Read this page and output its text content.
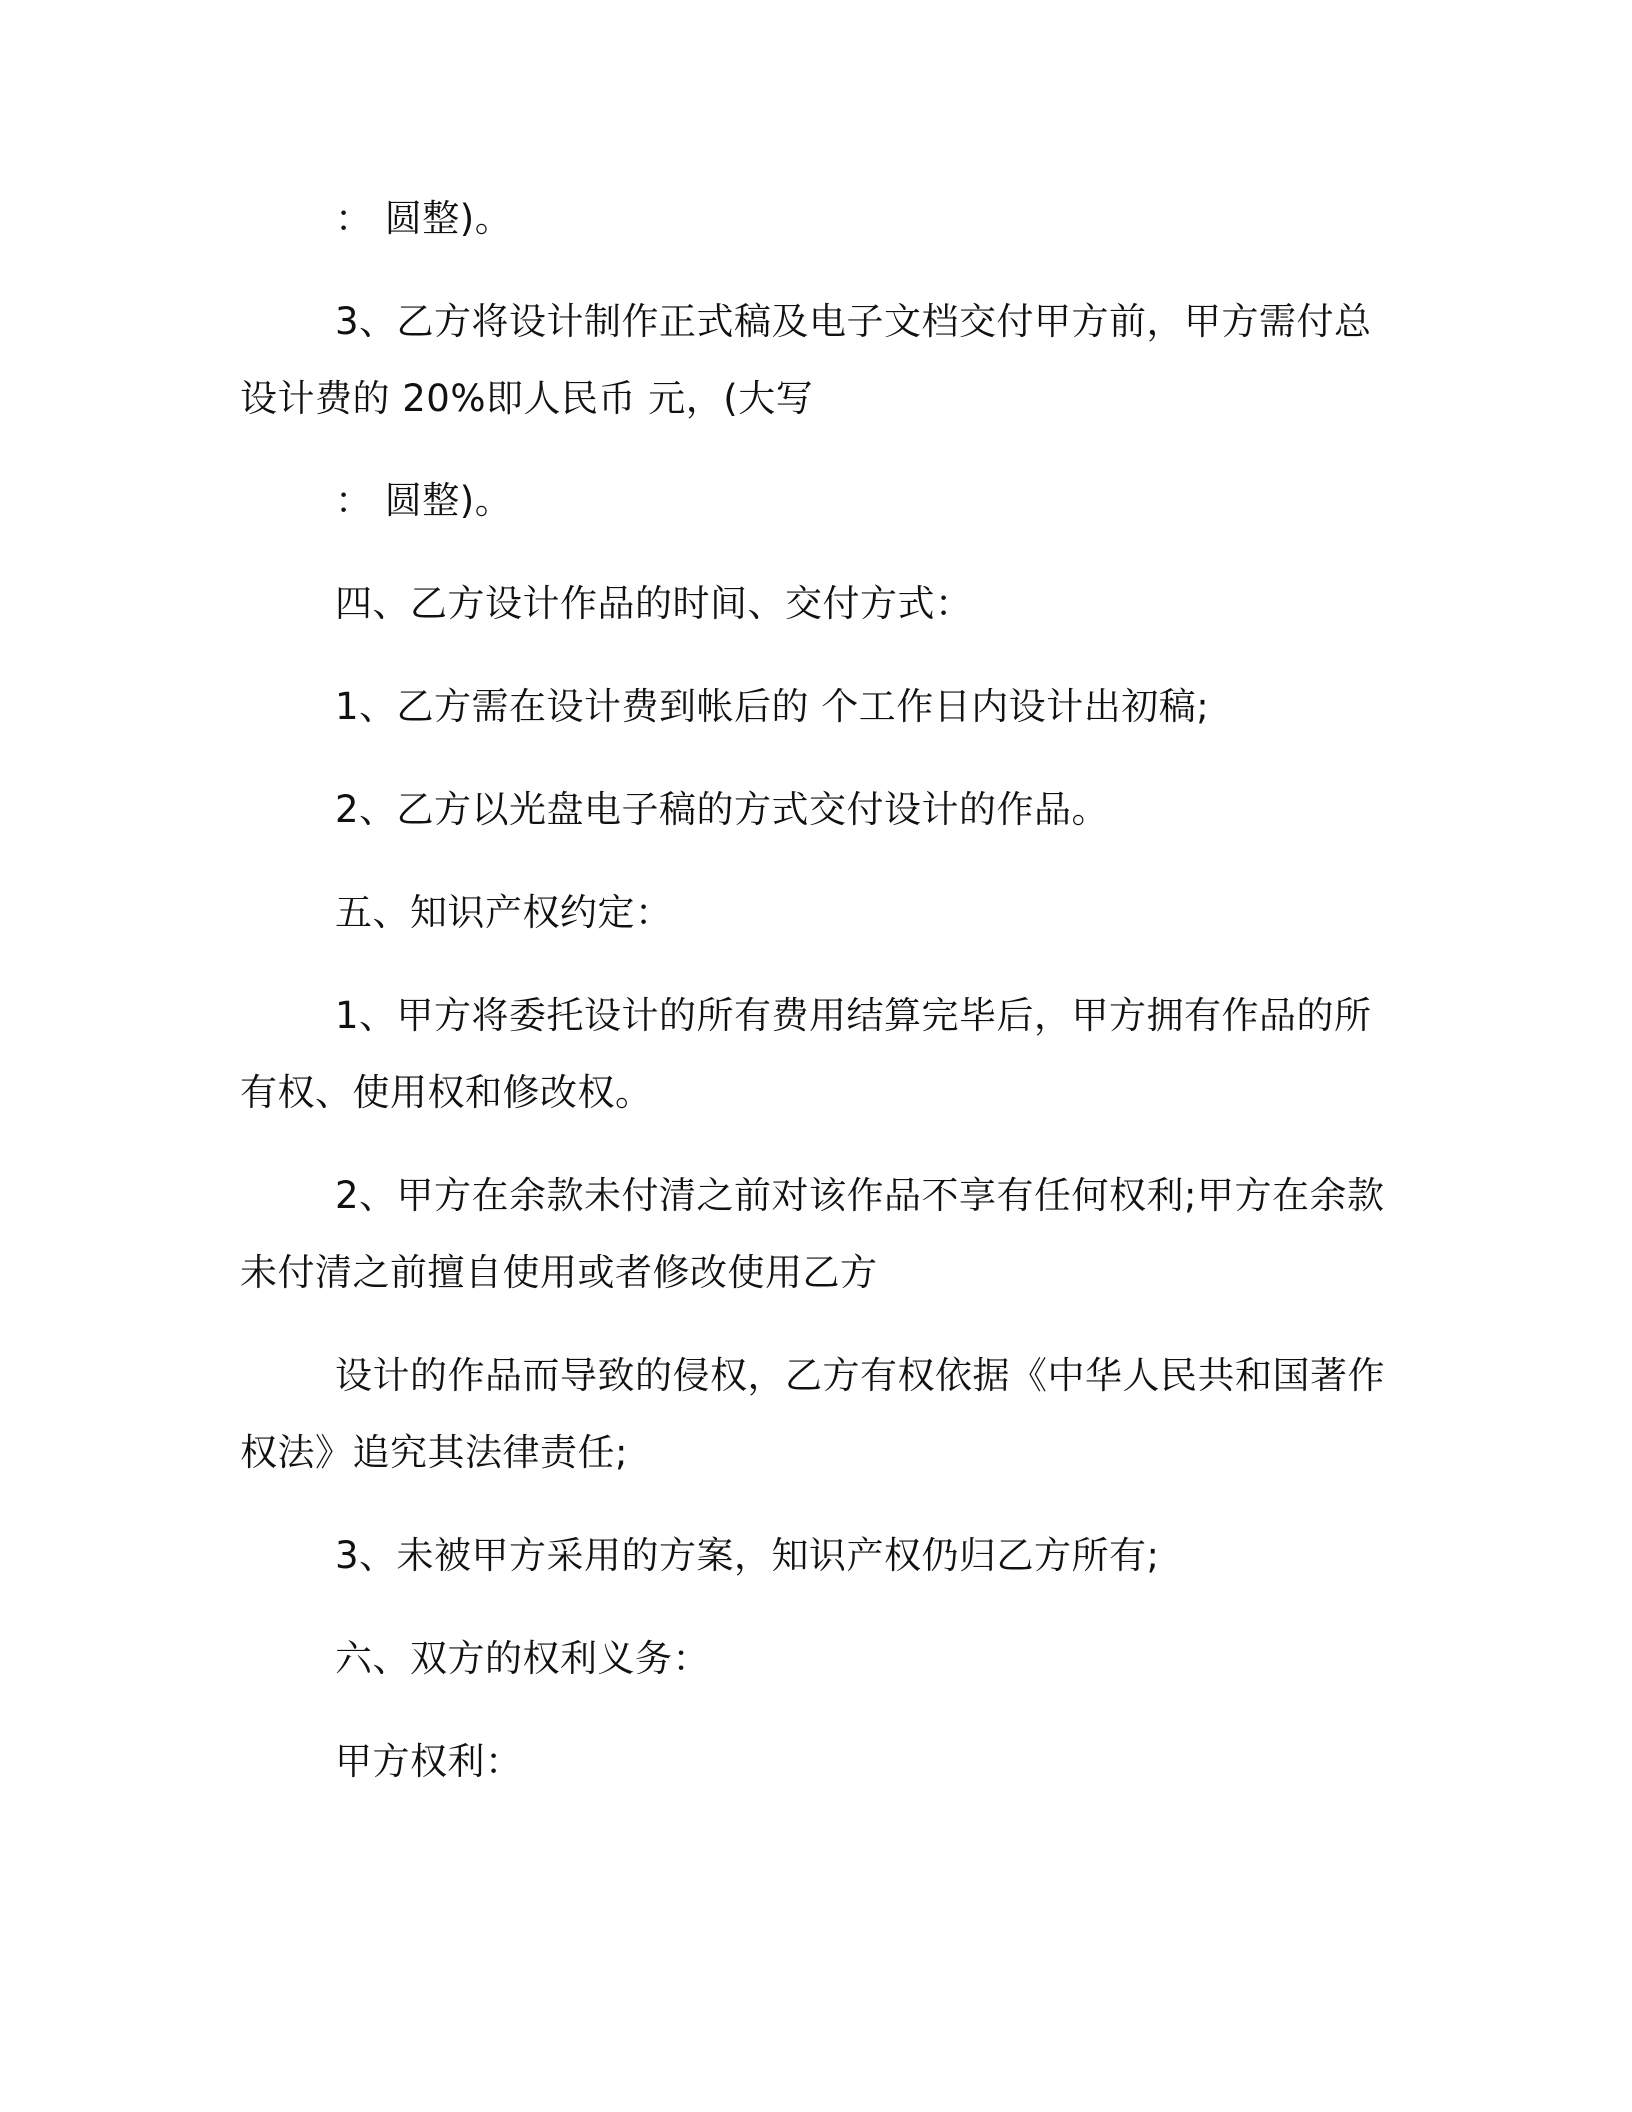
： 圆整)。
3、乙方将设计制作正式稿及电子文档交付甲方前，甲方需付总
设计费的 20%即人民币 元，(大写
： 圆整)。
四、乙方设计作品的时间、交付方式：
1、乙方需在设计费到帐后的 个工作日内设计出初稿;
2、乙方以光盘电子稿的方式交付设计的作品。
五、知识产权约定：
1、甲方将委托设计的所有费用结算完毕后，甲方拥有作品的所
有权、使用权和修改权。
2、甲方在余款未付清之前对该作品不享有任何权利;甲方在余款
未付清之前擅自使用或者修改使用乙方
设计的作品而导致的侵权，乙方有权依据《中华人民共和国著作
权法》追究其法律责任;
3、未被甲方采用的方案，知识产权仍归乙方所有;
六、双方的权利义务：
甲方权利：
